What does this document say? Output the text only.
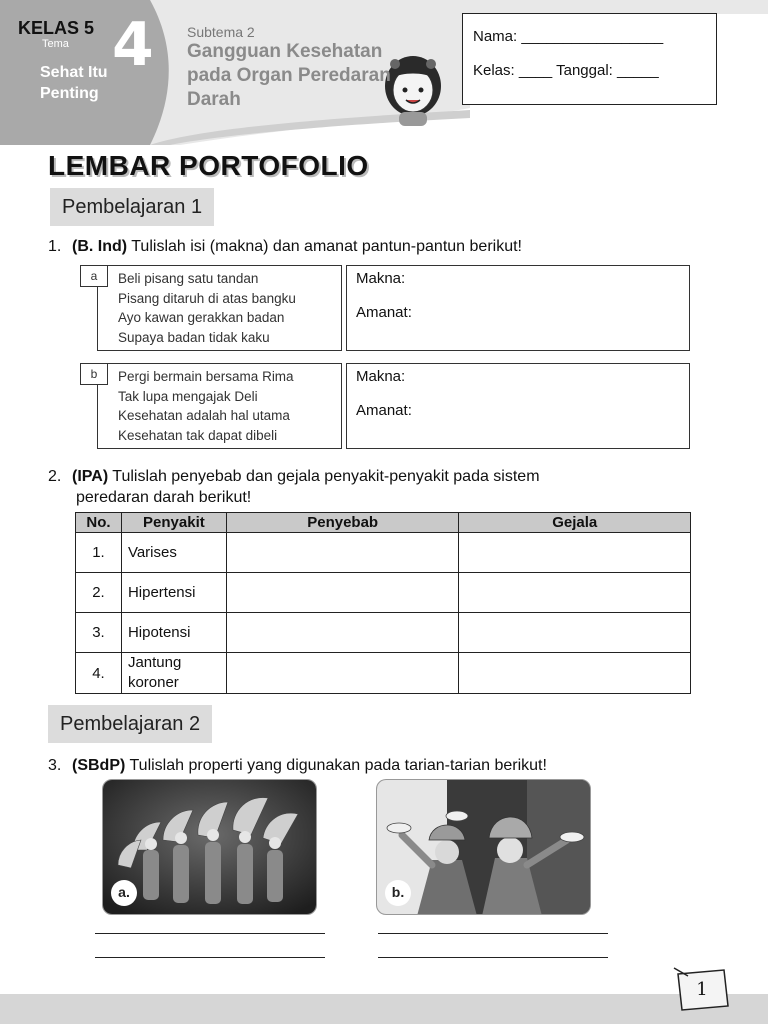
KELAS 5
Tema 4
Sehat Itu Penting
Subtema 2
Gangguan Kesehatan pada Organ Peredaran Darah
Nama: _________________
Kelas: ____ Tanggal: _____
LEMBAR PORTOFOLIO
Pembelajaran 1
1. (B. Ind) Tulislah isi (makna) dan amanat pantun-pantun berikut!
a	Beli pisang satu tandan
Pisang ditaruh di atas bangku
Ayo kawan gerakkan badan
Supaya badan tidak kaku
Makna:
Amanat:
b	Pergi bermain bersama Rima
Tak lupa mengajak Deli
Kesehatan adalah hal utama
Kesehatan tak dapat dibeli
Makna:
Amanat:
2. (IPA) Tulislah penyebab dan gejala penyakit-penyakit pada sistem
peredaran darah berikut!
No.	Penyakit	Penyebab	Gejala
1.	Varises		
2.	Hipertensi		
3.	Hipotensi		
4.	Jantung koroner		
Pembelajaran 2
3. (SBdP) Tulislah properti yang digunakan pada tarian-tarian berikut!
a.	b.
1
